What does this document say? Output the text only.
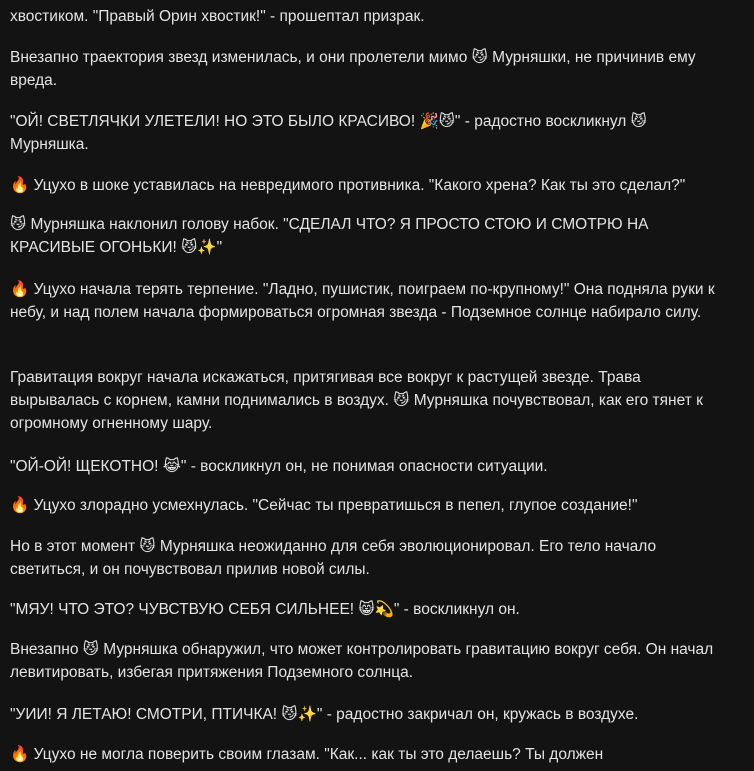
хвостиком. "Правый Орин хвостик!" - прошептал призрак.

Внезапно траектория звезд изменилась, и они пролетели мимо 😼 Мурняшки, не причинив ему вреда.

"ОЙ! СВЕТЛЯЧКИ УЛЕТЕЛИ! НО ЭТО БЫЛО КРАСИВО! 🎉😼" - радостно воскликнул 😼 Мурняшка.

🔥 Уцухо в шоке уставилась на невредимого противника. "Какого хрена? Как ты это сделал?"

😼 Мурняшка наклонил голову набок. "СДЕЛАЛ ЧТО? Я ПРОСТО СТОЮ И СМОТРЮ НА КРАСИВЫЕ ОГОНЬКИ! 😼✨"

🔥 Уцухо начала терять терпение. "Ладно, пушистик, поиграем по-крупному!" Она подняла руки к небу, и над полем начала формироваться огромная звезда - Подземное солнце набирало силу.

Гравитация вокруг начала искажаться, притягивая все вокруг к растущей звезде. Трава вырывалась с корнем, камни поднимались в воздух. 😼 Мурняшка почувствовал, как его тянет к огромному огненному шару.

"ОЙ-ОЙ! ЩЕКОТНО! 😹" - воскликнул он, не понимая опасности ситуации.

🔥 Уцухо злорадно усмехнулась. "Сейчас ты превратишься в пепел, глупое создание!"

Но в этот момент 😼 Мурняшка неожиданно для себя эволюционировал. Его тело начало светиться, и он почувствовал прилив новой силы.

"МЯУ! ЧТО ЭТО? ЧУВСТВУЮ СЕБЯ СИЛЬНЕЕ! 😸💫" - воскликнул он.

Внезапно 😼 Мурняшка обнаружил, что может контролировать гравитацию вокруг себя. Он начал левитировать, избегая притяжения Подземного солнца.

"УИИ! Я ЛЕТАЮ! СМОТРИ, ПТИЧКА! 😼✨" - радостно закричал он, кружась в воздухе.

🔥 Уцухо не могла поверить своим глазам. "Как... как ты это делаешь? Ты должен
